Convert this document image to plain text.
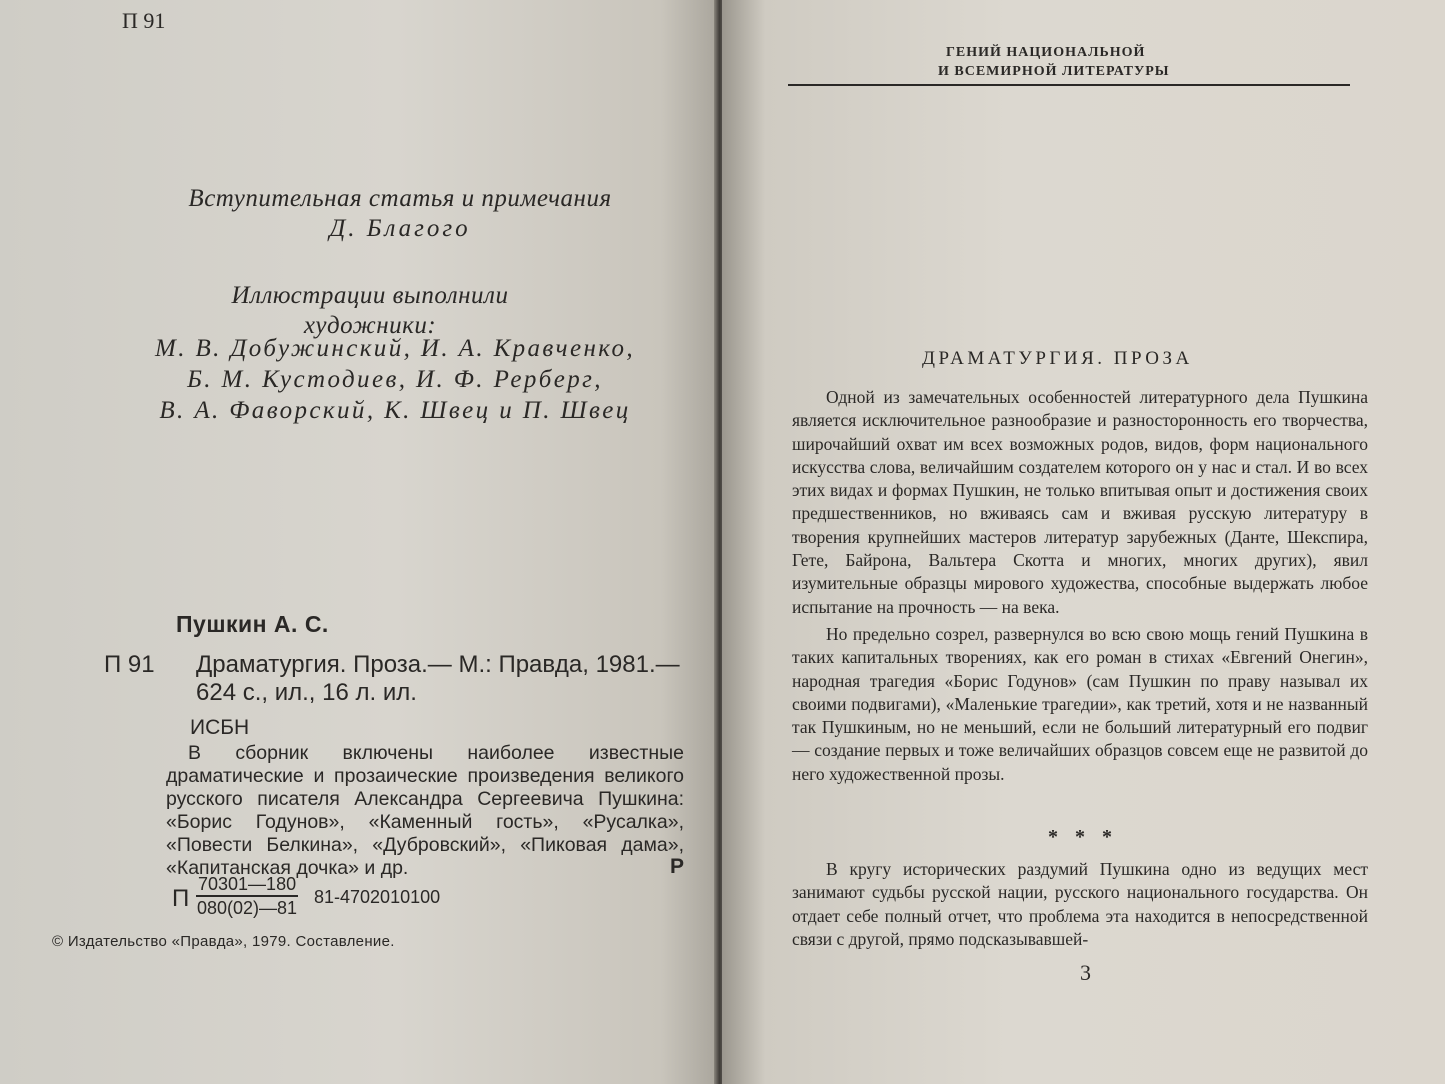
П 91
Вступительная статья и примечания
Д. Благого
Иллюстрации выполнили
художники:
М. В. Добужинский, И. А. Кравченко,
Б. М. Кустодиев, И. Ф. Рерберг,
В. А. Фаворский, К. Швец и П. Швец
Пушкин А. С.
П 91 Драматургия. Проза.— М.: Правда, 1981.—
624 с., ил., 16 л. ил.
ИСБН

В сборник включены наиболее известные драматические и прозаические произведения великого русского писателя Александра Сергеевича Пушкина: «Борис Годунов», «Каменный гость», «Русалка», «Повести Белкина», «Дубровский», «Пиковая дама», «Капитанская дочка» и др.	Р
П $\frac{70301—180}{080(02)—81} 81-4702010100$
© Издательство «Правда», 1979. Составление.
ГЕНИЙ НАЦИОНАЛЬНОЙ
И ВСЕМИРНОЙ ЛИТЕРАТУРЫ
ДРАМАТУРГИЯ. ПРОЗА

Одной из замечательных особенностей литературного дела Пушкина является исключительное разнообразие и разносторонность его творчества, широчайший охват им всех возможных родов, видов, форм национального искусства слова, величайшим создателем которого он у нас и стал. И во всех этих видах и формах Пушкин, не только впитывая опыт и достижения своих предшественников, но вживаясь сам и вживая русскую литературу в творения крупнейших мастеров литератур зарубежных (Данте, Шекспира, Гете, Байрона, Вальтера Скотта и многих, многих других), явил изумительные образцы мирового художества, способные выдержать любое испытание на прочность — на века.

Но предельно созрел, развернулся во всю свою мощь гений Пушкина в таких капитальных творениях, как его роман в стихах «Евгений Онегин», народная трагедия «Борис Годунов» (сам Пушкин по праву называл их своими подвигами), «Маленькие трагедии», как третий, хотя и не названный так Пушкиным, но не меньший, если не больший литературный его подвиг — создание первых и тоже величайших образцов совсем еще не развитой до него художественной прозы.

* * *

В кругу исторических раздумий Пушкина одно из ведущих мест занимают судьбы русской нации, русского национального государства. Он отдает себе полный отчет, что проблема эта находится в непосредственной связи с другой, прямо подсказывавшей-

3
